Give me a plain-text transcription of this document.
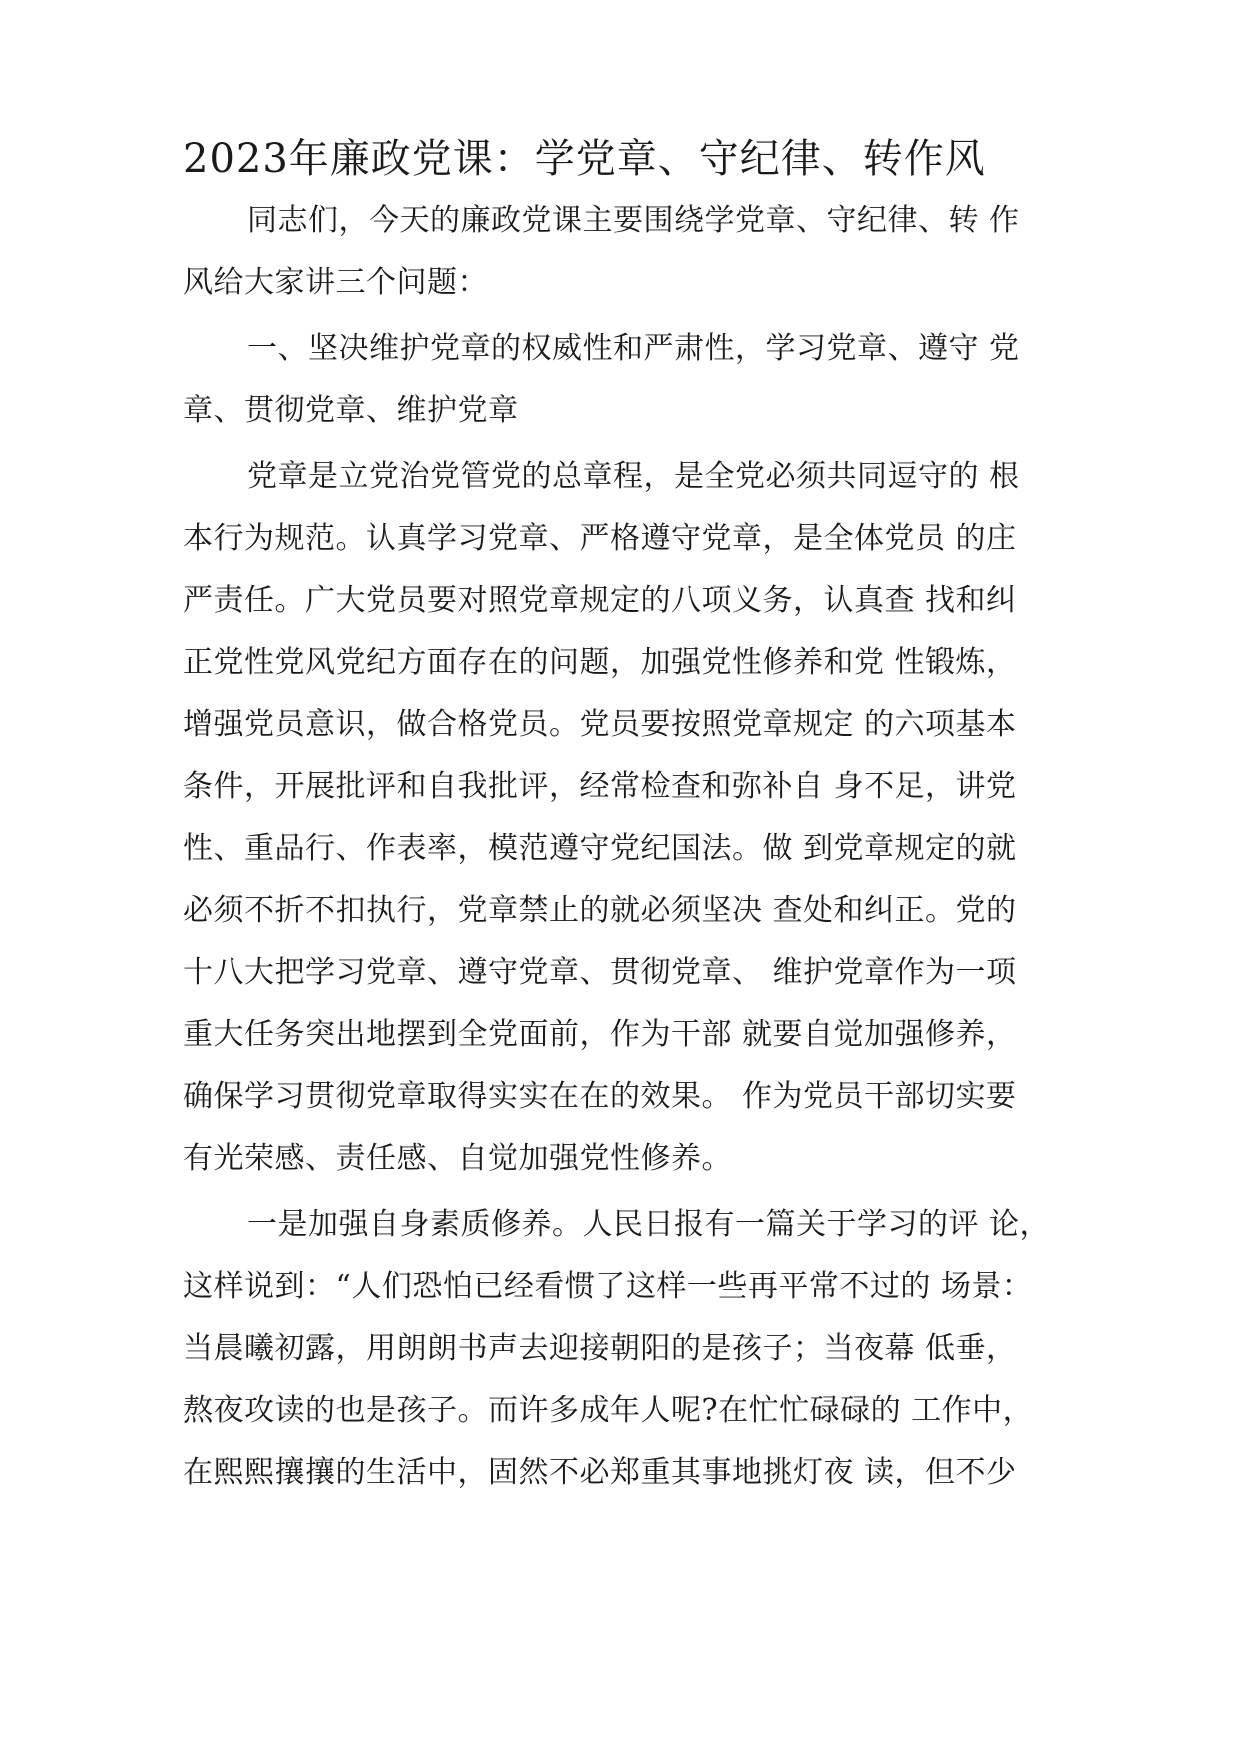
2023年廉政党课：学党章、守纪律、转作风
同志们，今天的廉政党课主要围绕学党章、守纪律、转 作
风给大家讲三个问题：
一、坚决维护党章的权威性和严肃性，学习党章、遵守 党
章、贯彻党章、维护党章
党章是立党治党管党的总章程，是全党必须共同逗守的 根
本行为规范。认真学习党章、严格遵守党章，是全体党员 的庄
严责任。广大党员要对照党章规定的八项义务，认真查 找和纠
正党性党风党纪方面存在的问题，加强党性修养和党 性锻炼，
增强党员意识，做合格党员。党员要按照党章规定 的六项基本
条件，开展批评和自我批评，经常检查和弥补自 身不足，讲党
性、重品行、作表率，模范遵守党纪国法。做 到党章规定的就
必须不折不扣执行，党章禁止的就必须坚决 查处和纠正。党的
十八大把学习党章、遵守党章、贯彻党章、 维护党章作为一项
重大任务突出地摆到全党面前，作为干部 就要自觉加强修养，
确保学习贯彻党章取得实实在在的效果。 作为党员干部切实要
有光荣感、责任感、自觉加强党性修养。
一是加强自身素质修养。人民日报有一篇关于学习的评 论，
这样说到：“人们恐怕已经看惯了这样一些再平常不过的 场景：
当晨曦初露，用朗朗书声去迎接朝阳的是孩子；当夜幕 低垂，
熬夜攻读的也是孩子。而许多成年人呢?在忙忙碌碌的 工作中，
在熙熙攘攘的生活中，固然不必郑重其事地挑灯夜 读，但不少
